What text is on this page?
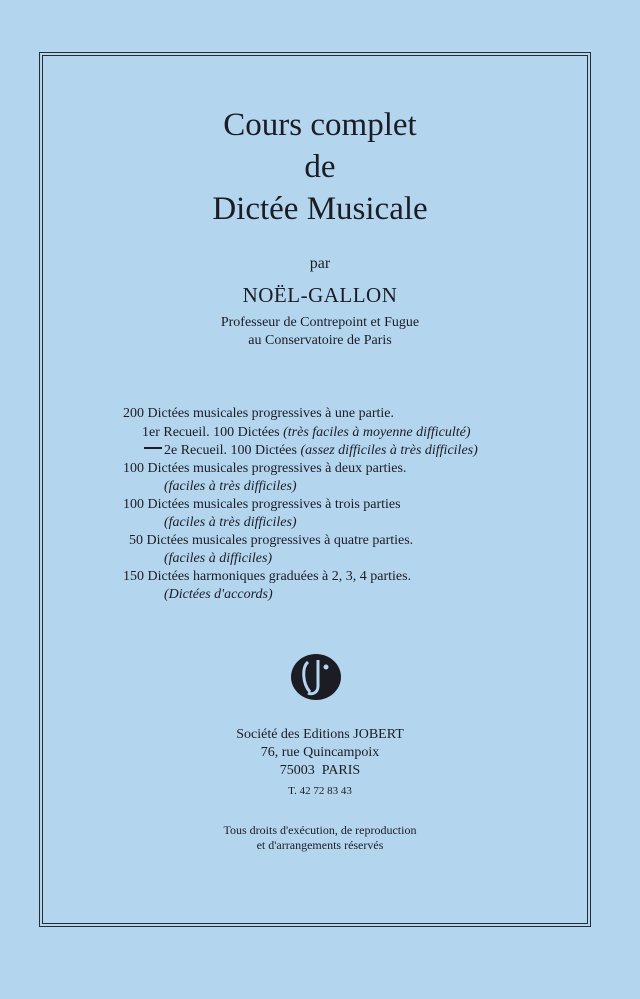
Cours complet
de
Dictée Musicale
par
NOËL-GALLON
Professeur de Contrepoint et Fugue
au Conservatoire de Paris
200 Dictées musicales progressives à une partie.
1er Recueil. 100 Dictées (très faciles à moyenne difficulté)
2e Recueil. 100 Dictées (assez difficiles à très difficiles)
100 Dictées musicales progressives à deux parties.
(faciles à très difficiles)
100 Dictées musicales progressives à trois parties
(faciles à très difficiles)
50 Dictées musicales progressives à quatre parties.
(faciles à difficiles)
150 Dictées harmoniques graduées à 2, 3, 4 parties.
(Dictées d'accords)
Société des Editions JOBERT
76, rue Quincampoix
75003  PARIS
T. 42 72 83 43
Tous droits d'exécution, de reproduction
et d'arrangements réservés
